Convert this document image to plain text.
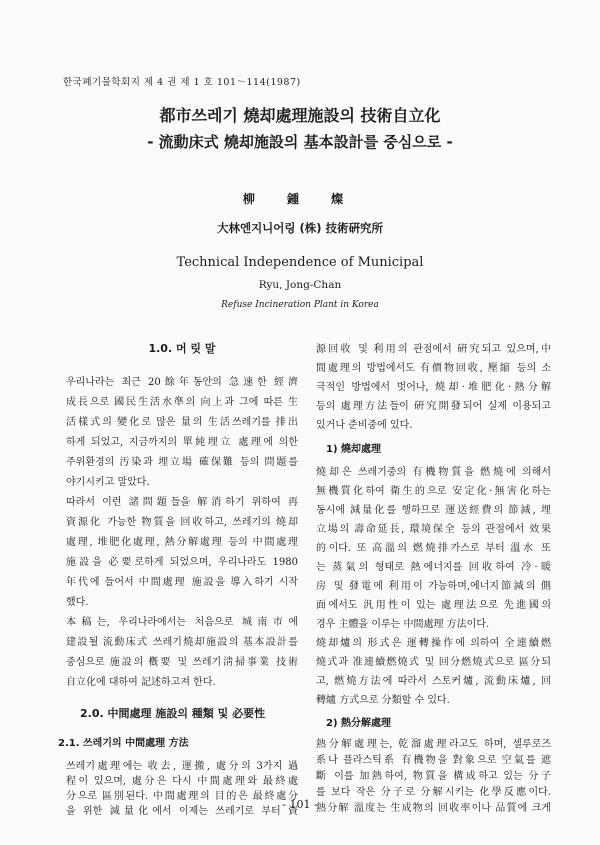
한국폐기물학회지 제 4 권 제 1 호 101～114(1987)
都市쓰레기 燒却處理施設의 技術自立化
- 流動床式 燒却施設의 基本設計를 중심으로 -
柳 鍾 燦
大林엔지니어링 (株) 技術硏究所
Technical Independence of Municipal
Ryu, Jong-Chan
Refuse Incineration Plant in Korea
1.0. 머 릿 말
우리나라는 최근 20餘年동안의 急速한 經濟
成長으로 國民生活水準의 向上과 그에 따른 生
活樣式의 變化로 많은 量의 生活쓰레기를 排出
하게 되었고, 지금까지의 單純埋立 處理에 의한
주위환경의 汚染과 埋立場 確保難 등의 問題를
야기시키고 말았다.
따라서 이런 諸問題들을 解消하기 위하여 再
資源化 가능한 物質을 回收하고, 쓰레기의 燒却
處理, 堆肥化處理, 熱分解處理 등의 中間處理
施設을 必要로하게 되었으며, 우리나라도 1980
年代에 들어서 中間處理 施設을 導入하기 시작
했다.
本稿는, 우리나라에서는 처음으로 城南市에
建設될 流動床式 쓰레기燒却施設의 基本設計를
중심으로 施設의 槪要 및 쓰레기淸掃事業 技術
自立化에 대하여 記述하고져 한다.
2.0. 中間處理 施設의 種類 및 必要性
2.1. 쓰레기의 中間處理 方法
쓰레기處理에는 收去, 運搬, 處分의 3가지 過
程이 있으며, 處分은 다시 中間處理와 最終處
分으로 區別된다. 中間處理의 目的은 最終處分
을 위한 減量化에서 이제는 쓰레기로 부터 資
源回收 및 利用의 관점에서 硏究되고 있으며,中
間處理의 방법에서도 有價物回收, 壓縮 등의 소
극적인 방법에서 벗어나, 燒却·堆肥化·熱分解
등의 處理方法들이 硏究開發되어 실제 이용되고
있거나 준비중에 있다.
1) 燒却處理
燒却은 쓰레기중의 有機物質을 燃燒에 의해서
無機質化하여 衛生的으로 安定化·無害化하는
동시에 減量化를 행하므로 運送經費의 節減, 埋
立場의 壽命延長, 環境保全 등의 관점에서 效果
的이다. 또 高溫의 燃燒排가스로 부터 溫水 또
는 蒸氣의 형태로 熱에너지를 回收하여 冷·暖
房 및 發電에 利用이 가능하며,에너지節減의 側
面에서도 汎用性이 있는 處理法으로 先進國의
경우 主體을 이루는 中間處理 方法이다.
燒却爐의 形式은 運轉操作에 의하여 全連續燃
燒式과 准連續燃燒式 및 回分燃燒式으로 區分되
고, 燃燒方法에 따라서 스토커爐, 流動床爐, 回
轉爐 方式으로 分類할 수 있다.
2) 熱分解處理
熱分解處理는, 乾溜處理라고도 하며, 셀루로즈
系나 플라스틱系 有機物을 對象으로 空氣를 遮
斷 이를 加熱하여, 物質을 構成하고 있는 分子
를 보다 작은 分子로 分解시키는 化學反應이다.
熱分解 溫度는 生成物의 回收率이나 品質에 크게
- 101 -
